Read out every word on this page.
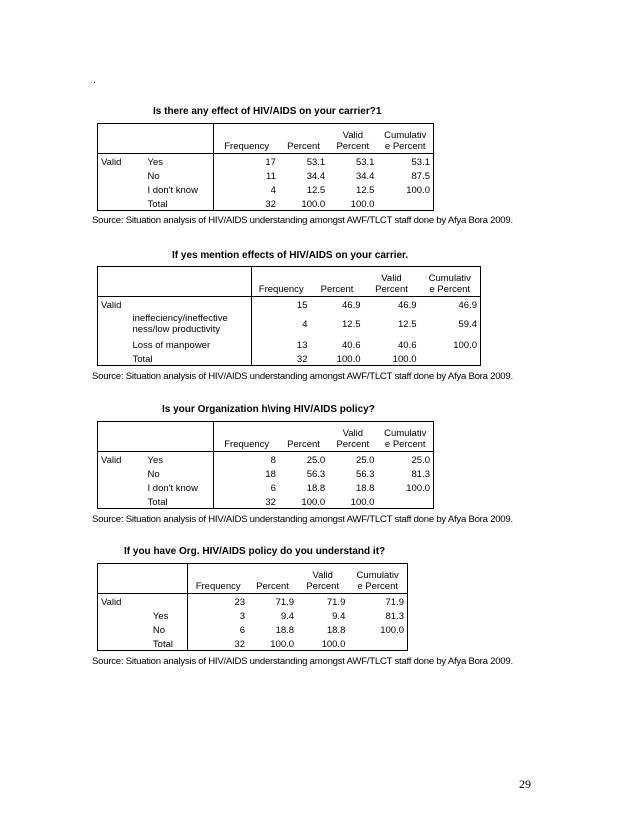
.
Is there any effect of HIV/AIDS on your carrier?1
		Frequency	Percent	Valid
Percent	Cumulativ
e Percent
Valid	Yes	17	53.1	53.1	53.1
	No	11	34.4	34.4	87.5
	I don't know	4	12.5	12.5	100.0
	Total	32	100.0	100.0	
Source: Situation analysis of HIV/AIDS understanding amongst AWF/TLCT staff done by Afya Bora 2009.
If yes mention effects of HIV/AIDS on your carrier.
		Frequency	Percent	Valid
Percent	Cumulativ
e Percent
Valid		15	46.9	46.9	46.9
	ineffeciency/ineffective
ness/low productivity	4	12.5	12.5	59.4
	Loss of manpower	13	40.6	40.6	100.0
	Total	32	100.0	100.0	
Source: Situation analysis of HIV/AIDS understanding amongst AWF/TLCT staff done by Afya Bora 2009.
Is your Organization h\ving HIV/AIDS policy?
		Frequency	Percent	Valid
Percent	Cumulativ
e Percent
Valid	Yes	8	25.0	25.0	25.0
	No	18	56.3	56.3	81.3
	I don't know	6	18.8	18.8	100.0
	Total	32	100.0	100.0	
Source: Situation analysis of HIV/AIDS understanding amongst AWF/TLCT staff done by Afya Bora 2009.
If you have Org. HIV/AIDS policy do you understand it?
		Frequency	Percent	Valid
Percent	Cumulativ
e Percent
Valid		23	71.9	71.9	71.9
	Yes	3	9.4	9.4	81.3
	No	6	18.8	18.8	100.0
	Total	32	100.0	100.0	
Source: Situation analysis of HIV/AIDS understanding amongst AWF/TLCT staff done by Afya Bora 2009.
29
